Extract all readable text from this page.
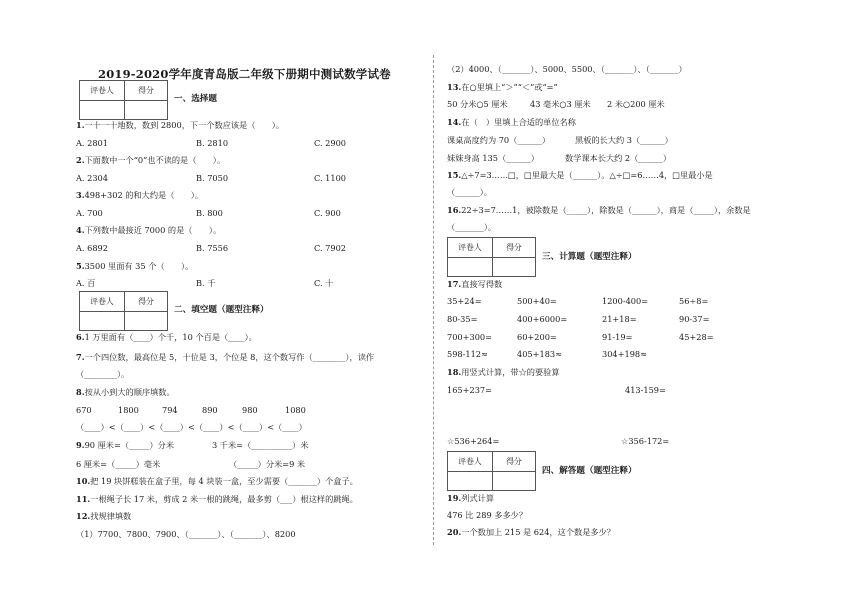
2019-2020学年度青岛版二年级下册期中测试数学试卷
评卷人	得分
一、选择题
1.一十一十地数，数到 2800，下一个数应该是（　　）。
A. 2801	B. 2810	C. 2900
2.下面数中一个“0”也不读的是（　　）。
A. 2304	B. 7050	C. 1100
3.498+302 的和大约是（　　）。
A. 700	B. 800	C. 900
4.下列数中最接近 7000 的是（　　）。
A. 6892	B. 7556	C. 7902
5.3500 里面有 35 个（　　）。
A. 百	B. 千	C. 十
评卷人	得分
二、填空题（题型注释）
6.1 万里面有（____）个千，10 个百是（____）。
7.一个四位数，最高位是 5，十位是 3，个位是 8，这个数写作（________），读作
（________）。
8.按从小到大的顺序填数。
670	1800	794	890	980	1080
（____）<（____）<（____）<（____）<（____）<（____）
9.90 厘米=（_____）分米	3 千米=（__________）米
6 厘米=（_____）毫米	（_____）分米=9 米
10.把 19 块饼糕装在盒子里，每 4 块装一盒，至少需要（_______）个盒子。
11.一根绳子长 17 米，剪成 2 米一根的跳绳，最多剪（___）根这样的跳绳。
12.找规律填数
（1）7700、7800、7900、（_______）、（_______）、8200
（2）4000、（_______）、5000、5500、（_______）、（_______）
13.在○里填上“＞”“＜”或“=”
50 分米○5 厘米	43 毫米○3 厘米 2 米○200 厘米
14.在（　）里填上合适的单位名称
课桌高度约为 70（______）	黑板的长大约 3（______）
妹妹身高 135（______）	数学课本长大约 2（______）
15.△÷7=3……□，□里最大是（______）。△÷□=6……4，□里最小是
（______）。
16.22÷3=7……1，被除数是（_____），除数是（______），商是（_____），余数是
（_______）。
评卷人	得分
三、计算题（题型注释）
17.直接写得数
35+24=	500+40=	1200-400=	56÷8=
80-35=	400+6000=	21+18=	90-37=
700+300=	60+200=	91-19=	45+28=
598-112≈	405+183≈	304+198≈
18.用竖式计算，带☆的要验算
165+237=	413-159=
☆536+264=	☆356-172=
评卷人	得分
四、解答题（题型注释）
19.列式计算
476 比 289 多多少？
20.一个数加上 215 是 624，这个数是多少？
